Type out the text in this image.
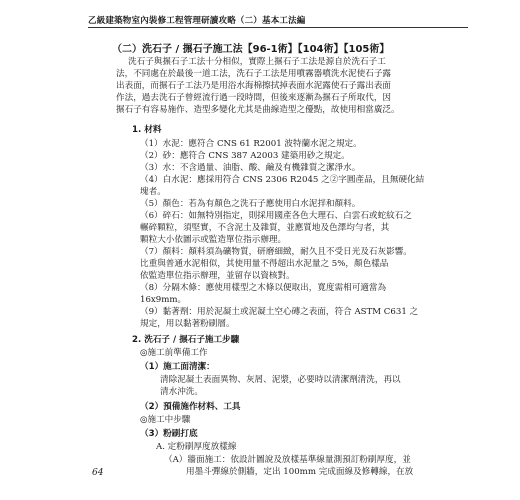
乙級建築物室內裝修工程管理研讀攻略（二）基本工法編
（二）洗石子 / 搌石子施工法【96-1術】【104術】【105術】
洗石子與搌石子工法十分相似，實際上搌石子工法是源自於洗石子工
法，不同處在於最後一道工法，洗石子工法是用噴霧器噴洗水泥使石子露
出表面，而搌石子工法乃是用浴水海棉擦拭掉表面水泥露使石子露出表面
作法，過去洗石子曾經流行過一段時間，但後來逐漸為搌石子所取代，因
搌石子有容易施作、造型多變化尤其是曲線造型之優點，故使用相當廣泛。
1. 材料
（1）水泥：應符合 CNS 61 R2001 波特蘭水泥之規定。
（2）砂：應符合 CNS 387 A2003 建築用砂之規定。
（3）水：不含過量、油脂、酸、鹼及有機雜質之潔淨水。
（4）白水泥：應採用符合 CNS 2306 R2045 之②字圓產品，且無硬化結
塊者。
（5）顏色：若為有顏色之洗石子應使用白水泥拌和顏料。
（6）碎石：如無特別指定，則採用國產各色大理石、白雲石或蛇紋石之
輾碎顆粒，須堅實，不含泥土及雜質，並應質地及色澤均勻者，其
顆粒大小依圖示或監造單位指示辦理。
（7）顏料：顏料須為礦物質，研磨細緻，耐久且不受日光及石灰影響。
比重與普通水泥相似，其使用量不得超出水泥量之 5%，顏色樣品
依監造單位指示辦理，並留存以資核對。
（8）分隔木條：應使用樣型之木條以便取出，寬度需相可適當為
16x9mm。
（9）黏著劑：用於泥凝土或泥凝土空心磚之表面，符合 ASTM C631 之
規定，用以黏著粉刷層。
2. 洗石子 / 搌石子施工步驟
◎施工前準備工作
（1）施工面清潔：
清除泥凝土表面異物、灰屑、泥漿，必要時以清潔劑清洗，再以
清水沖洗。
（2）預備施作材料、工具
◎施工中步驟
（3）粉刷打底
A. 定粉刷厚度放樣線
（A）牆面施工：依設計圖說及放樣基準線量測預訂粉刷厚度，並
用墨斗彈線於側牆，定出 100mm 完成面線及修轉線，在放
64
